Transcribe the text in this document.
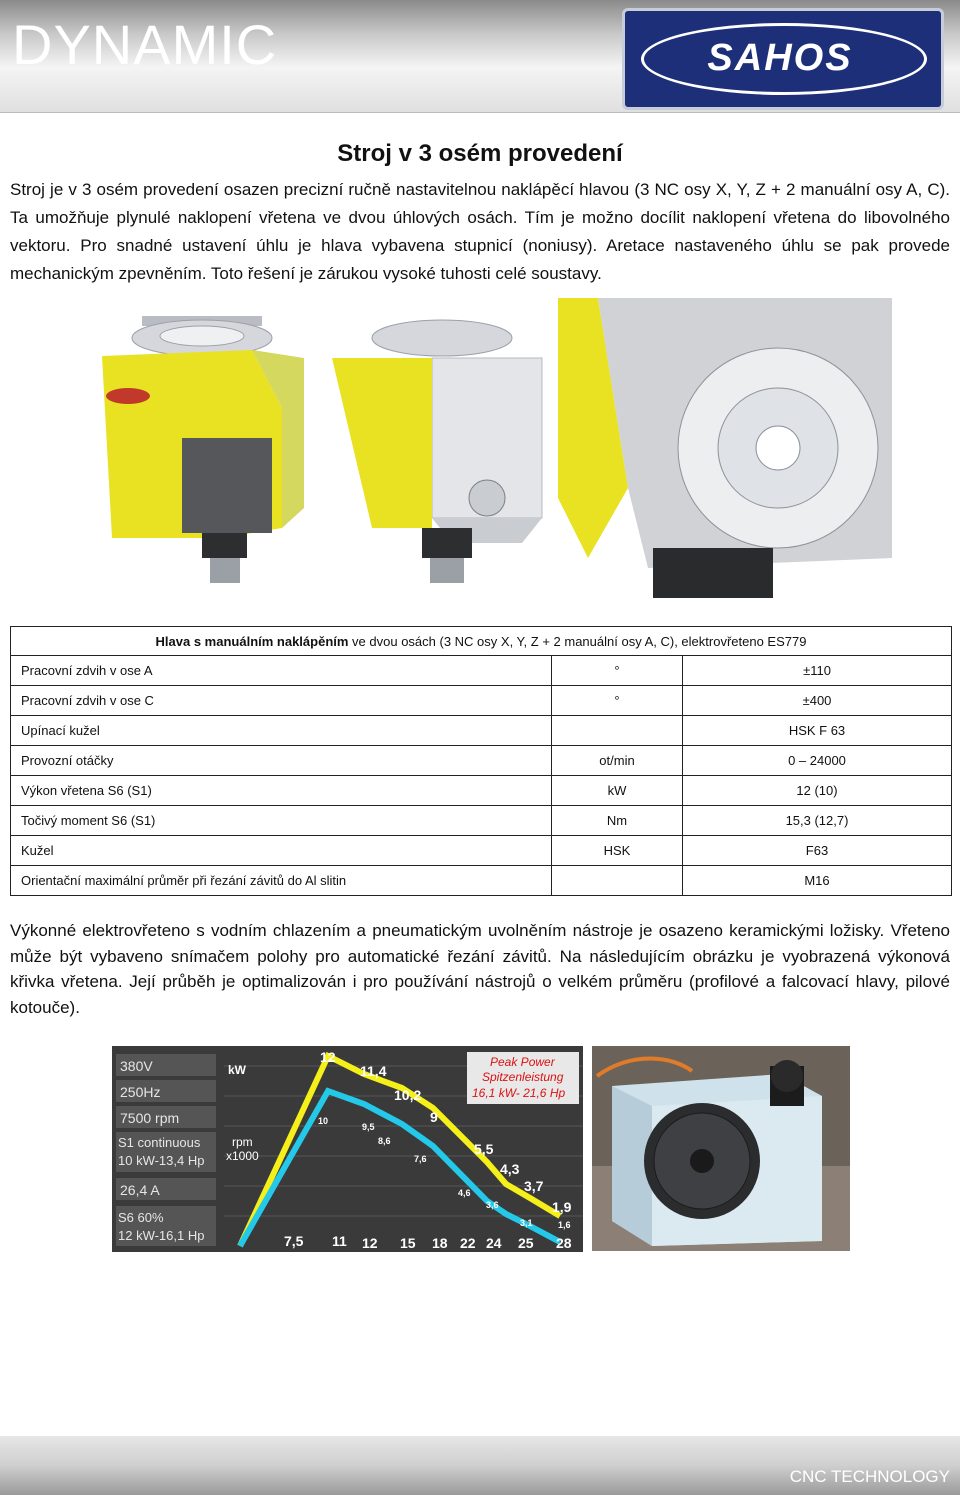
DYNAMIC	SAHOS
Stroj v 3 osém provedení
Stroj je v 3 osém provedení osazen precizní ručně nastavitelnou naklápěcí hlavou (3 NC osy X, Y, Z + 2 manuální osy A, C). Ta umožňuje plynulé naklopení vřetena ve dvou úhlových osách. Tím je možno docílit naklopení vřetena do libovolného vektoru. Pro snadné ustavení úhlu je hlava vybavena stupnicí (noniusy). Aretace nastaveného úhlu se pak provede mechanickým zpevněním. Toto řešení je zárukou vysoké tuhosti celé soustavy.
Hlava s manuálním naklápěním ve dvou osách (3 NC osy X, Y, Z + 2 manuální osy A, C), elektrovřeteno ES779		
Pracovní zdvih v ose A	°	±110
Pracovní zdvih v ose C	°	±400
Upínací kužel		HSK F 63
Provozní otáčky	ot/min	0 – 24000
Výkon vřetena S6 (S1)	kW	12 (10)
Točivý moment S6 (S1)	Nm	15,3 (12,7)
Kužel	HSK	F63
Orientační maximální průměr při řezání závitů do Al slitin		M16
Výkonné elektrovřeteno s vodním chlazením a pneumatickým uvolněním nástroje je osazeno keramickými ložisky. Vřeteno může být vybaveno snímačem polohy pro automatické řezání závitů. Na následujícím obrázku je vyobrazená výkonová křivka vřetena. Její průběh je optimalizován i pro používání nástrojů o velkém průměru (profilové a falcovací hlavy, pilové kotouče).
380V
250Hz
7500 rpm
S1 continuous
10 kW-13,4 Hp
26,4 A
S6 60%
12 kW-16,1 Hp
kW
rpm
x1000
Peak Power
Spitzenleistung
16,1 kW- 21,6 Hp
12
11,4
10,2
9
5,5
4,3
3,7
1,9
10
9,5
8,6
7,6
4,6
3,6
3,1	1,6
7,5 11 12 15 18 22 24 25 28
CNC TECHNOLOGY
